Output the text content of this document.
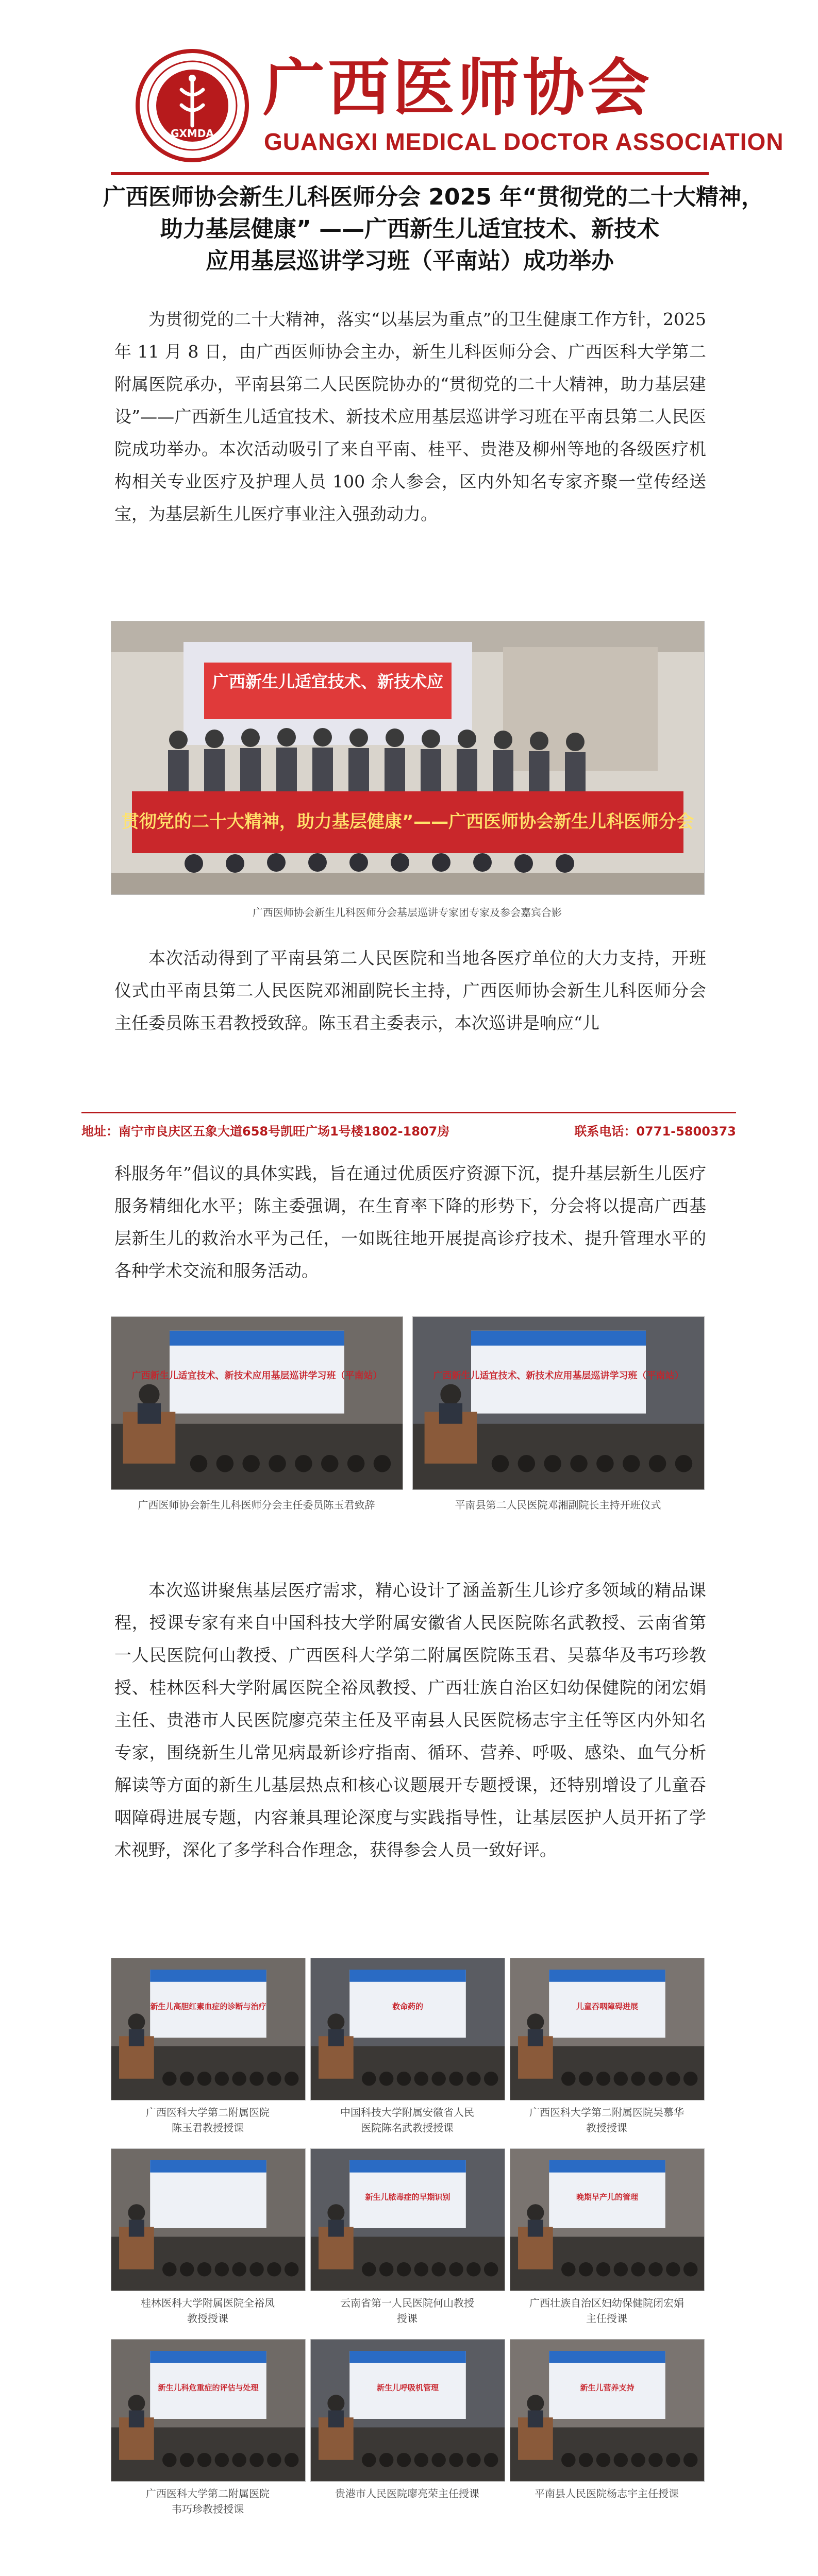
GXMDA
广西医师协会
GUANGXI MEDICAL DOCTOR ASSOCIATION
广西医师协会新生儿科医师分会 2025 年“贯彻党的二十大精神，
助力基层健康” ——广西新生儿适宜技术、新技术
应用基层巡讲学习班（平南站）成功举办

为贯彻党的二十大精神，落实“以基层为重点”的卫生健康工作方针，2025 年 11 月 8 日，由广西医师协会主办，新生儿科医师分会、广西医科大学第二附属医院承办，平南县第二人民医院协办的“贯彻党的二十大精神，助力基层建设”——广西新生儿适宜技术、新技术应用基层巡讲学习班在平南县第二人民医院成功举办。本次活动吸引了来自平南、桂平、贵港及柳州等地的各级医疗机构相关专业医疗及护理人员 100 余人参会，区内外知名专家齐聚一堂传经送宝，为基层新生儿医疗事业注入强劲动力。

广西新生儿适宜技术、新技术应
贯彻党的二十大精神，助力基层健康”——广西医师协会新生儿科医师分会
广西医师协会新生儿科医师分会基层巡讲专家团专家及参会嘉宾合影

本次活动得到了平南县第二人民医院和当地各医疗单位的大力支持，开班仪式由平南县第二人民医院邓湘副院长主持，广西医师协会新生儿科医师分会主任委员陈玉君教授致辞。陈玉君主委表示，本次巡讲是响应“儿

地址：南宁市良庆区五象大道658号凯旺广场1号楼1802-1807房	联系电话：0771-5800373

科服务年”倡议的具体实践，旨在通过优质医疗资源下沉，提升基层新生儿医疗服务精细化水平；陈主委强调，在生育率下降的形势下，分会将以提高广西基层新生儿的救治水平为己任，一如既往地开展提高诊疗技术、提升管理水平的各种学术交流和服务活动。

广西新生儿适宜技术、新技术应用基层巡讲学习班（平南站）
广西医师协会新生儿科医师分会主任委员陈玉君致辞
广西新生儿适宜技术、新技术应用基层巡讲学习班（平南站）
平南县第二人民医院邓湘副院长主持开班仪式

本次巡讲聚焦基层医疗需求，精心设计了涵盖新生儿诊疗多领域的精品课程，授课专家有来自中国科技大学附属安徽省人民医院陈名武教授、云南省第一人民医院何山教授、广西医科大学第二附属医院陈玉君、吴慕华及韦巧珍教授、桂林医科大学附属医院全裕凤教授、广西壮族自治区妇幼保健院的闭宏娟主任、贵港市人民医院廖亮荣主任及平南县人民医院杨志宇主任等区内外知名专家，围绕新生儿常见病最新诊疗指南、循环、营养、呼吸、感染、血气分析解读等方面的新生儿基层热点和核心议题展开专题授课，还特别增设了儿童吞咽障碍进展专题，内容兼具理论深度与实践指导性，让基层医护人员开拓了学术视野，深化了多学科合作理念，获得参会人员一致好评。

新生儿高胆红素血症的诊断与治疗
广西医科大学第二附属医院
陈玉君教授授课
救命药的
中国科技大学附属安徽省人民
医院陈名武教授授课
儿童吞咽障碍进展
广西医科大学第二附属医院吴慕华
教授授课
桂林医科大学附属医院全裕凤
教授授课
新生儿脓毒症的早期识别
云南省第一人民医院何山教授
授课
晚期早产儿的管理
广西壮族自治区妇幼保健院闭宏娟
主任授课
新生儿科危重症的评估与处理
广西医科大学第二附属医院
韦巧珍教授授课
新生儿呼吸机管理
贵港市人民医院廖亮荣主任授课
新生儿营养支持
平南县人民医院杨志宇主任授课
